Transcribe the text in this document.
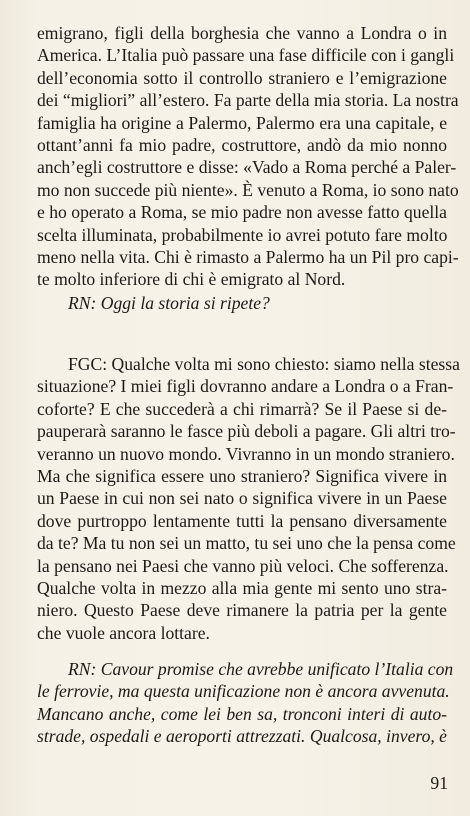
emigrano, figli della borghesia che vanno a Londra o in
America. L’Italia può passare una fase difficile con i gangli
dell’economia sotto il controllo straniero e l’emigrazione
dei “migliori” all’estero. Fa parte della mia storia. La nostra
famiglia ha origine a Palermo, Palermo era una capitale, e
ottant’anni fa mio padre, costruttore, andò da mio nonno
anch’egli costruttore e disse: «Vado a Roma perché a Paler-
mo non succede più niente». È venuto a Roma, io sono nato
e ho operato a Roma, se mio padre non avesse fatto quella
scelta illuminata, probabilmente io avrei potuto fare molto
meno nella vita. Chi è rimasto a Palermo ha un Pil pro capi-
te molto inferiore di chi è emigrato al Nord.
RN: Oggi la storia si ripete?
FGC: Qualche volta mi sono chiesto: siamo nella stessa
situazione? I miei figli dovranno andare a Londra o a Fran-
coforte? E che succederà a chi rimarrà? Se il Paese si de-
pauperarà saranno le fasce più deboli a pagare. Gli altri tro-
veranno un nuovo mondo. Vivranno in un mondo straniero.
Ma che significa essere uno straniero? Significa vivere in
un Paese in cui non sei nato o significa vivere in un Paese
dove purtroppo lentamente tutti la pensano diversamente
da te? Ma tu non sei un matto, tu sei uno che la pensa come
la pensano nei Paesi che vanno più veloci. Che sofferenza.
Qualche volta in mezzo alla mia gente mi sento uno stra-
niero. Questo Paese deve rimanere la patria per la gente
che vuole ancora lottare.
RN: Cavour promise che avrebbe unificato l’Italia con
le ferrovie, ma questa unificazione non è ancora avvenuta.
Mancano anche, come lei ben sa, tronconi interi di auto-
strade, ospedali e aeroporti attrezzati. Qualcosa, invero, è
91
